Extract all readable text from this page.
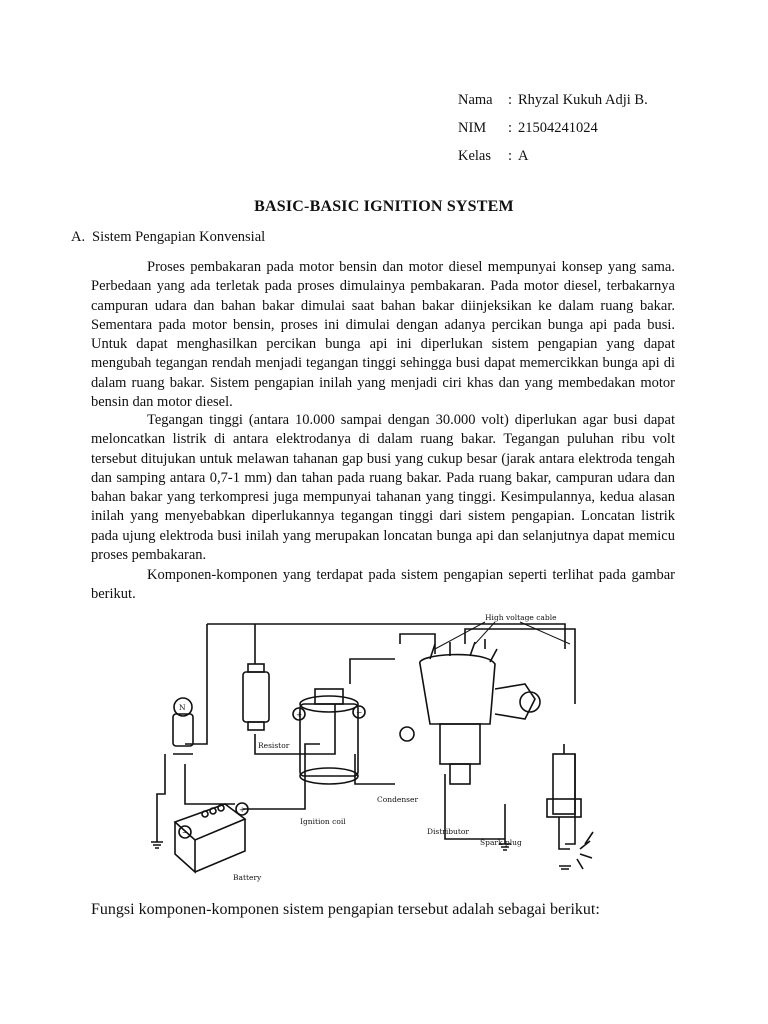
Nama	: Rhyzal Kukuh Adji B.
NIM	: 21504241024
Kelas	: A
BASIC-BASIC IGNITION SYSTEM
A. Sistem Pengapian Konvensial

Proses pembakaran pada motor bensin dan motor diesel mempunyai konsep yang sama. Perbedaan yang ada terletak pada proses dimulainya pembakaran. Pada motor diesel, terbakarnya campuran udara dan bahan bakar dimulai saat bahan bakar diinjeksikan ke dalam ruang bakar. Sementara pada motor bensin, proses ini dimulai dengan adanya percikan bunga api pada busi. Untuk dapat menghasilkan percikan bunga api ini diperlukan sistem pengapian yang dapat mengubah tegangan rendah menjadi tegangan tinggi sehingga busi dapat memercikkan bunga api di dalam ruang bakar. Sistem pengapian inilah yang menjadi ciri khas dan yang membedakan motor bensin dan motor diesel.

Tegangan tinggi (antara 10.000 sampai dengan 30.000 volt) diperlukan agar busi dapat meloncatkan listrik di antara elektrodanya di dalam ruang bakar. Tegangan puluhan ribu volt tersebut ditujukan untuk melawan tahanan gap busi yang cukup besar (jarak antara elektroda tengah dan samping antara 0,7-1 mm) dan tahan pada ruang bakar. Pada ruang bakar, campuran udara dan bahan bakar yang terkompresi juga mempunyai tahanan yang tinggi. Kesimpulannya, kedua alasan inilah yang menyebabkan diperlukannya tegangan tinggi dari sistem pengapian. Loncatan listrik pada ujung elektroda busi inilah yang merupakan loncatan bunga api dan selanjutnya dapat memicu proses pembakaran.

Komponen-komponen yang terdapat pada sistem pengapian seperti terlihat pada gambar berikut.

N
+	−
−
+
High voltage cable
Resistor
Ignition coil
Condenser
Distributor
Spark plug
Battery
Fungsi komponen-komponen sistem pengapian tersebut adalah sebagai berikut:
